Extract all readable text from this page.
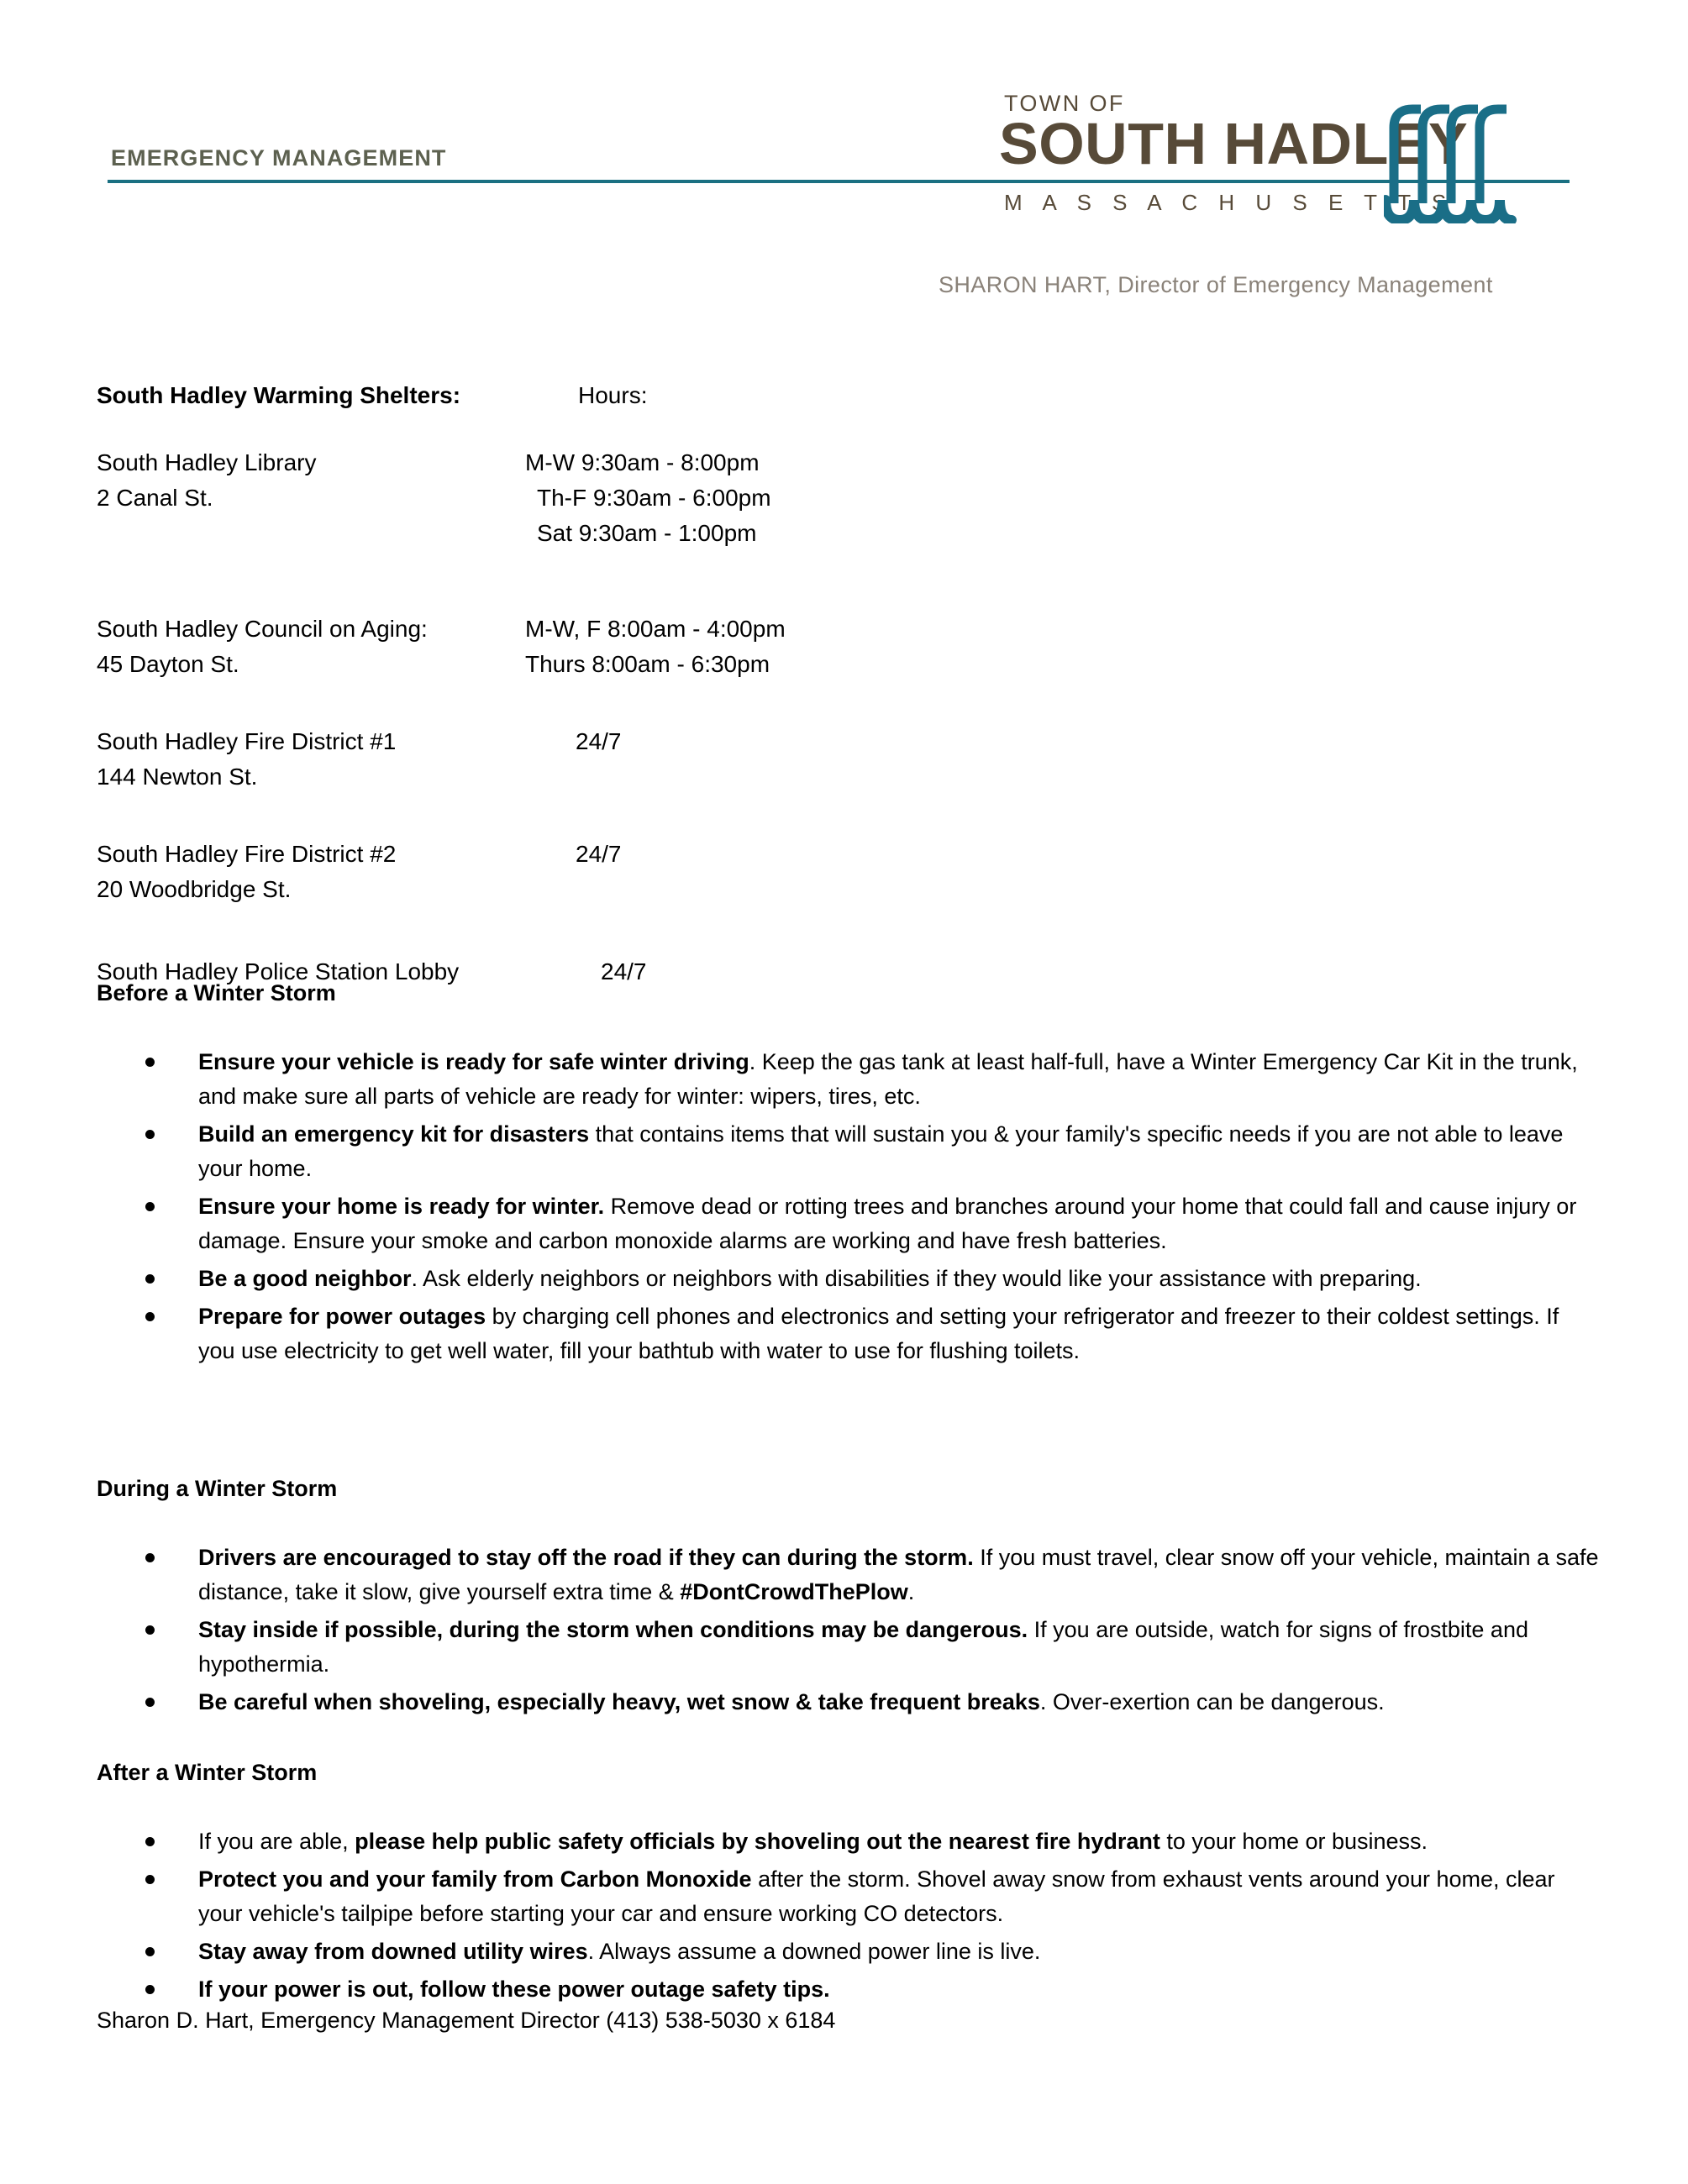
EMERGENCY MANAGEMENT
TOWN OF
SOUTH HADLEY
M A S S A C H U S E T T S
SHARON HART, Director of Emergency Management
South Hadley Warming Shelters:	Hours:
South Hadley Library
2 Canal St.
M-W 9:30am - 8:00pm
Th-F 9:30am - 6:00pm
Sat 9:30am - 1:00pm
South Hadley Council on Aging:
45 Dayton St.
M-W, F 8:00am - 4:00pm
Thurs 8:00am - 6:30pm
South Hadley Fire District #1
144 Newton St.
24/7
South Hadley Fire District #2
20 Woodbridge St.
24/7
South Hadley Police Station Lobby	24/7
Before a Winter Storm
Ensure your vehicle is ready for safe winter driving. Keep the gas tank at least half-full, have a Winter Emergency Car Kit in the trunk, and make sure all parts of vehicle are ready for winter: wipers, tires, etc.
Build an emergency kit for disasters that contains items that will sustain you & your family's specific needs if you are not able to leave your home.
Ensure your home is ready for winter. Remove dead or rotting trees and branches around your home that could fall and cause injury or damage. Ensure your smoke and carbon monoxide alarms are working and have fresh batteries.
Be a good neighbor. Ask elderly neighbors or neighbors with disabilities if they would like your assistance with preparing.
Prepare for power outages by charging cell phones and electronics and setting your refrigerator and freezer to their coldest settings. If you use electricity to get well water, fill your bathtub with water to use for flushing toilets.
During a Winter Storm
Drivers are encouraged to stay off the road if they can during the storm. If you must travel, clear snow off your vehicle, maintain a safe distance, take it slow, give yourself extra time & #DontCrowdThePlow.
Stay inside if possible, during the storm when conditions may be dangerous. If you are outside, watch for signs of frostbite and hypothermia.
Be careful when shoveling, especially heavy, wet snow & take frequent breaks. Over-exertion can be dangerous.
After a Winter Storm
If you are able, please help public safety officials by shoveling out the nearest fire hydrant to your home or business.
Protect you and your family from Carbon Monoxide after the storm. Shovel away snow from exhaust vents around your home, clear your vehicle's tailpipe before starting your car and ensure working CO detectors.
Stay away from downed utility wires. Always assume a downed power line is live.
If your power is out, follow these power outage safety tips.
Sharon D. Hart, Emergency Management Director (413) 538-5030 x 6184
